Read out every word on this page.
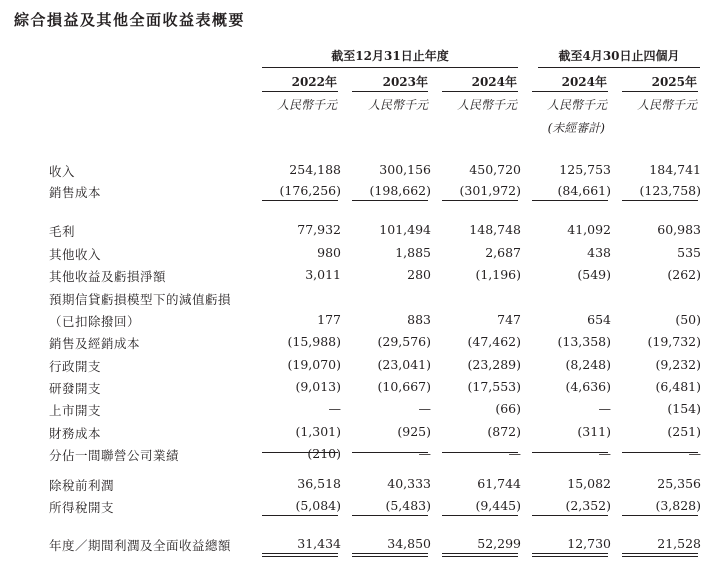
綜合損益及其他全面收益表概要
截至12月31日止年度	截至4月30日止四個月
2022年	2023年	2024年	2024年	2025年
人民幣千元	人民幣千元	人民幣千元	人民幣千元	人民幣千元
(未經審計)
收入	254,188	300,156	450,720	125,753	184,741
銷售成本	(176,256)	(198,662)	(301,972)	(84,661)	(123,758)
毛利	77,932	101,494	148,748	41,092	60,983
其他收入	980	1,885	2,687	438	535
其他收益及虧損淨額	3,011	280	(1,196)	(549)	(262)
預期信貸虧損模型下的減值虧損
（已扣除撥回）	177	883	747	654	(50)
銷售及經銷成本	(15,988)	(29,576)	(47,462)	(13,358)	(19,732)
行政開支	(19,070)	(23,041)	(23,289)	(8,248)	(9,232)
研發開支	(9,013)	(10,667)	(17,553)	(4,636)	(6,481)
上市開支	—	—	(66)	—	(154)
財務成本	(1,301)	(925)	(872)	(311)	(251)
分佔一間聯營公司業績	(210)	—	—	—	—
除稅前利潤	36,518	40,333	61,744	15,082	25,356
所得稅開支	(5,084)	(5,483)	(9,445)	(2,352)	(3,828)
年度／期間利潤及全面收益總額	31,434	34,850	52,299	12,730	21,528
